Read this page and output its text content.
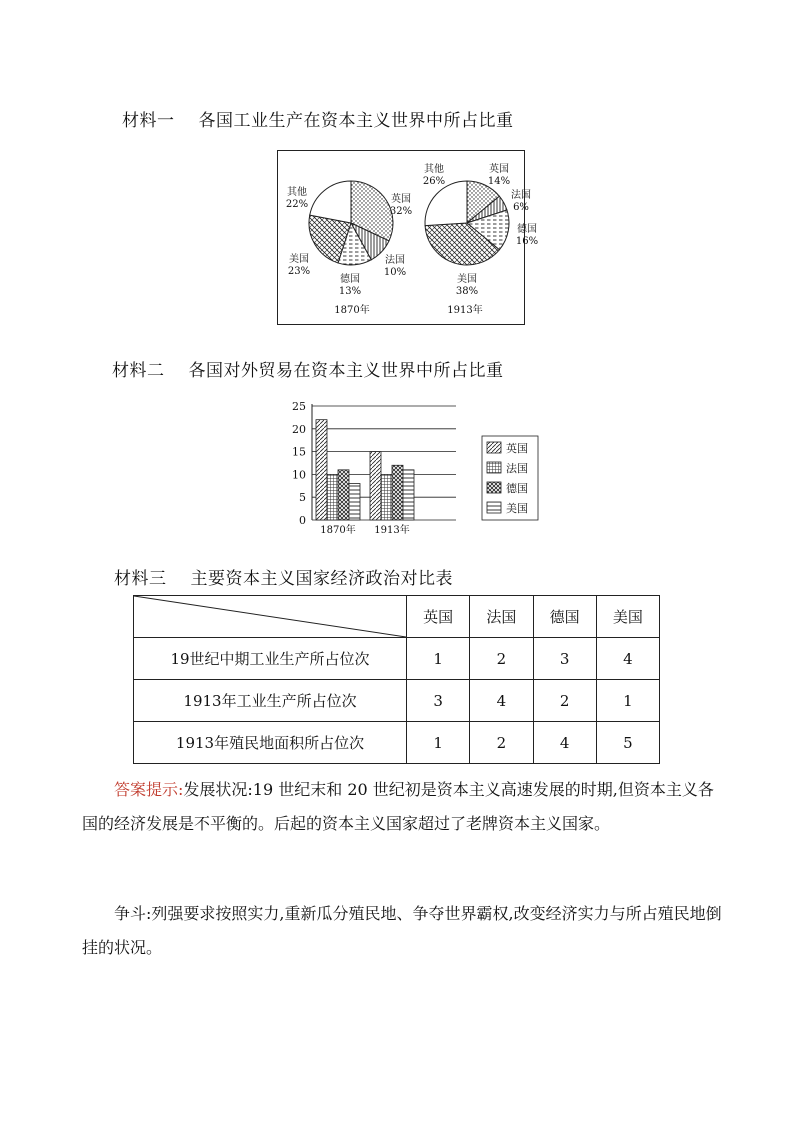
材料一 各国工业生产在资本主义世界中所占比重
英国
32%
法国
10%
德国
13%
美国
23%
其他
22%
1870年
英国
14%
法国
6%
德国
16%
美国
38%
其他
26%
1913年
材料二 各国对外贸易在资本主义世界中所占比重
0
5
10
15
20
25
1870年 1913年
英国
法国
德国
美国
材料三 主要资本主义国家经济政治对比表
	英国	法国	德国	美国
19世纪中期工业生产所占位次	1	2	3	4
1913年工业生产所占位次	3	4	2	1
1913年殖民地面积所占位次	1	2	4	5
答案提示:发展状况:19 世纪末和 20 世纪初是资本主义高速发展的时期,但资本主义各国的经济发展是不平衡的。后起的资本主义国家超过了老牌资本主义国家。
争斗:列强要求按照实力,重新瓜分殖民地、争夺世界霸权,改变经济实力与所占殖民地倒挂的状况。
